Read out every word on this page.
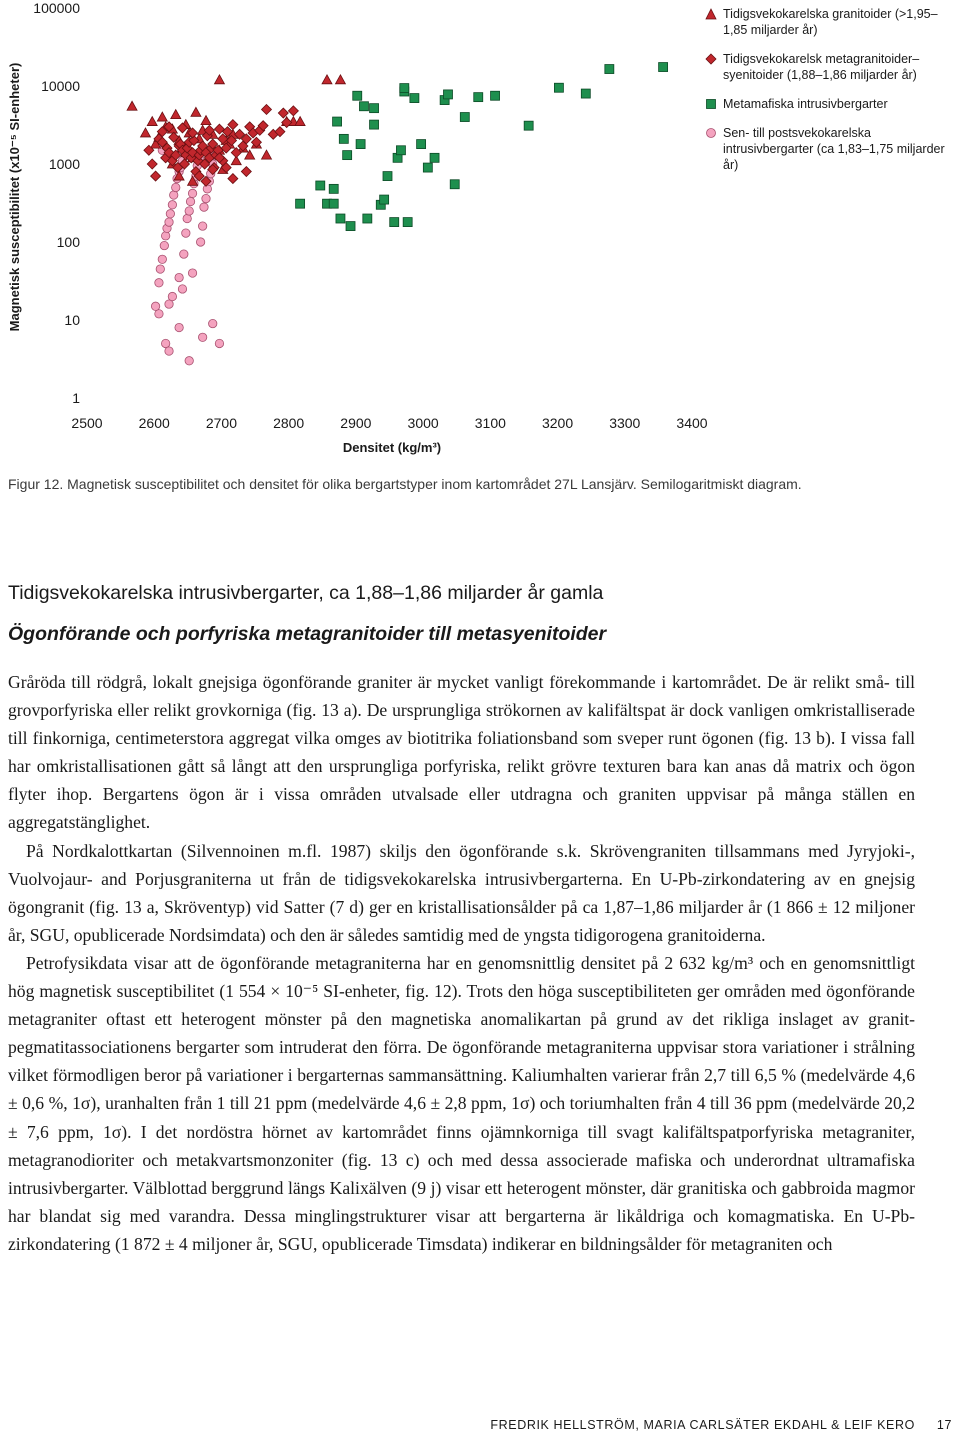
1
10
100
1000
10000
100000
2500	2600	2700	2800	2900	3000	3100	3200	3300	3400
Magnetisk susceptibilitet (x10⁻⁵ SI-enheter)
Densitet (kg/m³)
Tidigsvekokarelska granitoider (>1,95–1,85 miljarder år)
Tidigsvekokarelsk metagranitoider–syenitoider (1,88–1,86 miljarder år)
Metamafiska intrusivbergarter
Sen- till postsvekokarelska intrusivbergarter (ca 1,83–1,75 miljarder år)
Figur 12. Magnetisk susceptibilitet och densitet för olika bergartstyper inom kartområdet 27L Lansjärv. Semilogaritmiskt diagram.
Tidigsvekokarelska intrusivbergarter, ca 1,88–1,86 miljarder år gamla
Ögonförande och porfyriska metagranitoider till metasyenitoider

Gråröda till rödgrå, lokalt gnejsiga ögonförande graniter är mycket vanligt förekommande i kartområdet. De är relikt små- till grovporfyriska eller relikt grovkorniga (fig. 13 a). De ursprungliga strökornen av kalifältspat är dock vanligen omkristalliserade till finkorniga, centimeterstora aggregat vilka omges av biotitrika foliationsband som sveper runt ögonen (fig. 13 b). I vissa fall har omkristallisationen gått så långt att den ursprungliga porfyriska, relikt grövre texturen bara kan anas då matrix och ögon flyter ihop. Bergartens ögon är i vissa områden utvalsade eller utdragna och graniten uppvisar på många ställen en aggregatstänglighet.

På Nordkalottkartan (Silvennoinen m.fl. 1987) skiljs den ögonförande s.k. Skrövengraniten tillsammans med Jyryjoki-, Vuolvojaur- and Porjusgraniterna ut från de tidigsvekokarelska intrusivbergarterna. En U-Pb-zirkondatering av en gnejsig ögongranit (fig. 13 a, Skröventyp) vid Satter (7 d) ger en kristallisationsålder på ca 1,87–1,86 miljarder år (1 866 ± 12 miljoner år, SGU, opublicerade Nordsimdata) och den är således samtidig med de yngsta tidigorogena granitoiderna.

Petrofysikdata visar att de ögonförande metagraniterna har en genomsnittlig densitet på 2 632 kg/m³ och en genomsnittligt hög magnetisk susceptibilitet (1 554 × 10⁻⁵ SI-enheter, fig. 12). Trots den höga susceptibiliteten ger områden med ögonförande metagraniter oftast ett heterogent mönster på den magnetiska anomalikartan på grund av det rikliga inslaget av granit-pegmatitassociationens bergarter som intruderat den förra. De ögonförande metagraniterna uppvisar stora variationer i strålning vilket förmodligen beror på variationer i bergarternas sammansättning. Kaliumhalten varierar från 2,7 till 6,5 % (medelvärde 4,6 ± 0,6 %, 1σ), uranhalten från 1 till 21 ppm (medelvärde 4,6 ± 2,8 ppm, 1σ) och toriumhalten från 4 till 36 ppm (medelvärde 20,2 ± 7,6 ppm, 1σ). I det nordöstra hörnet av kartområdet finns ojämnkorniga till svagt kalifältspatporfyriska metagraniter, metagranodioriter och metakvartsmonzoniter (fig. 13 c) och med dessa associerade mafiska och underordnat ultramafiska intrusivbergarter. Välblottad berggrund längs Kalixälven (9 j) visar ett heterogent mönster, där granitiska och gabbroida magmor har blandat sig med varandra. Dessa minglingstrukturer visar att bergarterna är likåldriga och komagmatiska. En U-Pb-zirkondatering (1 872 ± 4 miljoner år, SGU, opublicerade Timsdata) indikerar en bildningsålder för metagraniten och

FREDRIK HELLSTRÖM, MARIA CARLSÄTER EKDAHL & LEIF KERO 17
